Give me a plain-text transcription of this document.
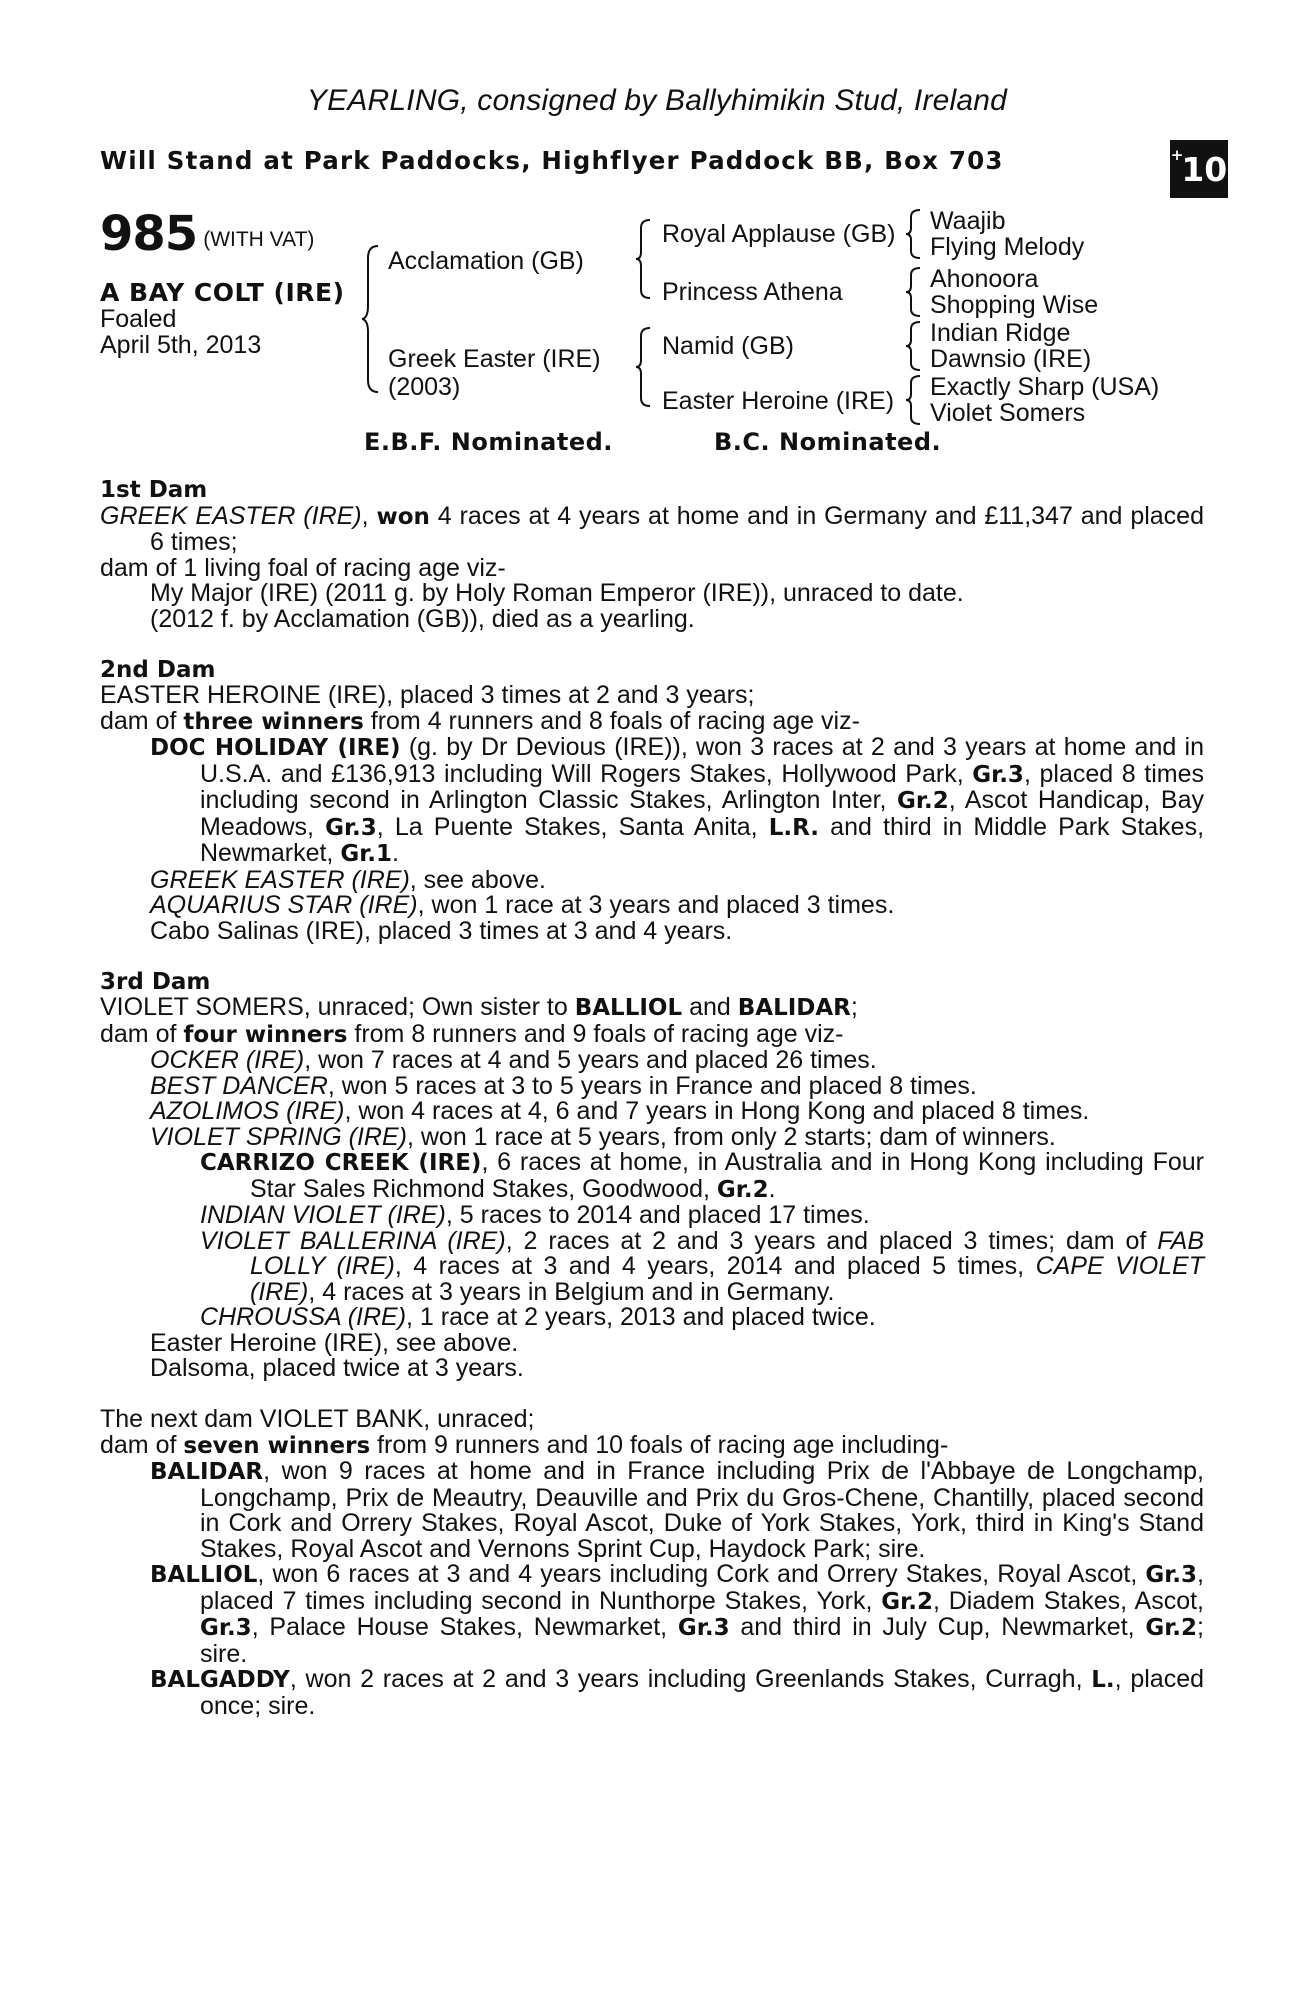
YEARLING, consigned by Ballyhimikin Stud, Ireland
Will Stand at Park Paddocks, Highflyer Paddock BB, Box 703	+
10
985 (WITH VAT)
A BAY COLT (IRE)
Foaled
April 5th, 2013
Acclamation (GB)
Greek Easter (IRE)
(2003)
Royal Applause (GB)
Princess Athena
Namid (GB)
Easter Heroine (IRE)
Waajib
Flying Melody
Ahonoora
Shopping Wise
Indian Ridge
Dawnsio (IRE)
Exactly Sharp (USA)
Violet Somers
E.B.F. Nominated.	B.C. Nominated.
1st Dam
GREEK EASTER (IRE), won 4 races at 4 years at home and in Germany and £11,347 and placed 6 times;
dam of 1 living foal of racing age viz-
My Major (IRE) (2011 g. by Holy Roman Emperor (IRE)), unraced to date.
(2012 f. by Acclamation (GB)), died as a yearling.
2nd Dam
EASTER HEROINE (IRE), placed 3 times at 2 and 3 years;
dam of three winners from 4 runners and 8 foals of racing age viz-
DOC HOLIDAY (IRE) (g. by Dr Devious (IRE)), won 3 races at 2 and 3 years at home and in U.S.A. and £136,913 including Will Rogers Stakes, Hollywood Park, Gr.3, placed 8 times including second in Arlington Classic Stakes, Arlington Inter, Gr.2, Ascot Handicap, Bay Meadows, Gr.3, La Puente Stakes, Santa Anita, L.R. and third in Middle Park Stakes, Newmarket, Gr.1.
GREEK EASTER (IRE), see above.
AQUARIUS STAR (IRE), won 1 race at 3 years and placed 3 times.
Cabo Salinas (IRE), placed 3 times at 3 and 4 years.
3rd Dam
VIOLET SOMERS, unraced; Own sister to BALLIOL and BALIDAR;
dam of four winners from 8 runners and 9 foals of racing age viz-
OCKER (IRE), won 7 races at 4 and 5 years and placed 26 times.
BEST DANCER, won 5 races at 3 to 5 years in France and placed 8 times.
AZOLIMOS (IRE), won 4 races at 4, 6 and 7 years in Hong Kong and placed 8 times.
VIOLET SPRING (IRE), won 1 race at 5 years, from only 2 starts; dam of winners.
CARRIZO CREEK (IRE), 6 races at home, in Australia and in Hong Kong including Four Star Sales Richmond Stakes, Goodwood, Gr.2.
INDIAN VIOLET (IRE), 5 races to 2014 and placed 17 times.
VIOLET BALLERINA (IRE), 2 races at 2 and 3 years and placed 3 times; dam of FAB LOLLY (IRE), 4 races at 3 and 4 years, 2014 and placed 5 times, CAPE VIOLET (IRE), 4 races at 3 years in Belgium and in Germany.
CHROUSSA (IRE), 1 race at 2 years, 2013 and placed twice.
Easter Heroine (IRE), see above.
Dalsoma, placed twice at 3 years.
The next dam VIOLET BANK, unraced;
dam of seven winners from 9 runners and 10 foals of racing age including-
BALIDAR, won 9 races at home and in France including Prix de l'Abbaye de Longchamp, Longchamp, Prix de Meautry, Deauville and Prix du Gros-Chene, Chantilly, placed second in Cork and Orrery Stakes, Royal Ascot, Duke of York Stakes, York, third in King's Stand Stakes, Royal Ascot and Vernons Sprint Cup, Haydock Park; sire.
BALLIOL, won 6 races at 3 and 4 years including Cork and Orrery Stakes, Royal Ascot, Gr.3, placed 7 times including second in Nunthorpe Stakes, York, Gr.2, Diadem Stakes, Ascot, Gr.3, Palace House Stakes, Newmarket, Gr.3 and third in July Cup, Newmarket, Gr.2; sire.
BALGADDY, won 2 races at 2 and 3 years including Greenlands Stakes, Curragh, L., placed once; sire.
